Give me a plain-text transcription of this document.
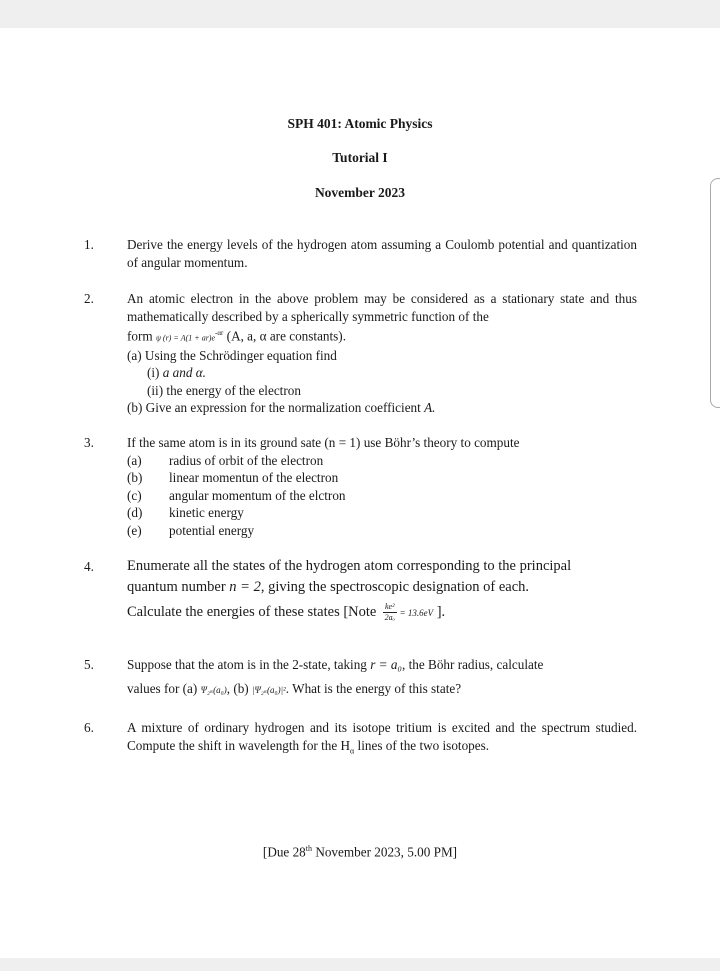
SPH 401: Atomic Physics
Tutorial I
November 2023
1.	Derive the energy levels of the hydrogen atom assuming a Coulomb potential and quantization of angular momentum.
2.	An atomic electron in the above problem may be considered as a stationary state and thus mathematically described by a spherically symmetric function of the
form ψ $(r) = A(1 + ar)e^{-\alpha r}$ (A, a, α are constants).
(a) Using the Schrödinger equation find
(i) a and α.
(ii) the energy of the electron
(b) Give an expression for the normalization coefficient A.
3.	If the same atom is in its ground sate (n = 1) use Böhr’s theory to compute
(a)	radius of orbit of the electron
(b)	linear momentun of the electron
(c)	angular momentum of the elctron
(d)	kinetic energy
(e)	potential energy
4.	Enumerate all the states of the hydrogen atom corresponding to the principal
quantum number n = 2, giving the spectroscopic designation of each.
Calculate the energies of these states [Note $\frac{\text{ke²}}{\text{2aₒ}} = 13.6eV$ ].
5.	Suppose that the atom is in the 2-state, taking r = a₀, the Böhr radius, calculate
values for (a) Ψ₂ₛ(a₀), (b) |Ψ₂ₛ(a₀)|². What is the energy of this state?
6.	A mixture of ordinary hydrogen and its isotope tritium is excited and the spectrum studied. Compute the shift in wavelength for the $H_\alpha$ lines of the two isotopes.
[Due 28th November 2023, 5.00 PM]
